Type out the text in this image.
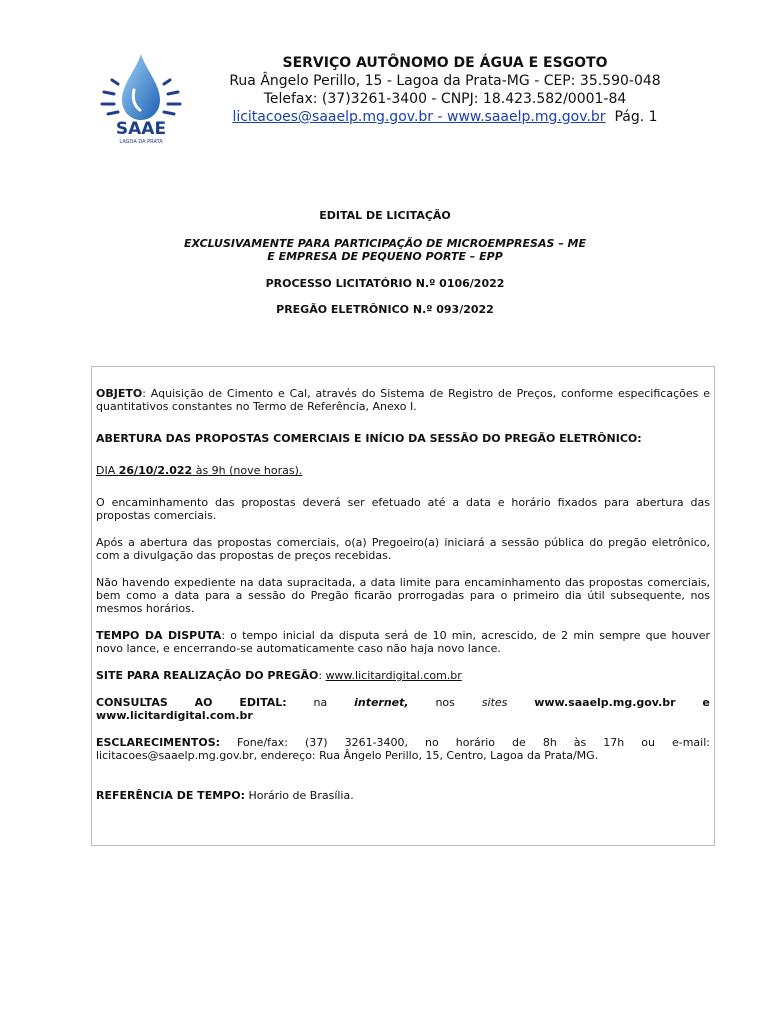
SAAE
LAGOA DA PRATA
SERVIÇO AUTÔNOMO DE ÁGUA E ESGOTO
Rua Ângelo Perillo, 15 - Lagoa da Prata-MG - CEP: 35.590-048
Telefax: (37)3261-3400 - CNPJ: 18.423.582/0001-84
licitacoes@saaelp.mg.gov.br - www.saaelp.mg.gov.br Pág. 1
EDITAL DE LICITAÇÃO
EXCLUSIVAMENTE PARA PARTICIPAÇÃO DE MICROEMPRESAS – ME
E EMPRESA DE PEQUENO PORTE – EPP
PROCESSO LICITATÓRIO N.º 0106/2022
PREGÃO ELETRÔNICO N.º 093/2022

OBJETO: Aquisição de Cimento e Cal, através do Sistema de Registro de Preços, conforme especificações e quantitativos constantes no Termo de Referência, Anexo I.

ABERTURA DAS PROPOSTAS COMERCIAIS E INÍCIO DA SESSÃO DO PREGÃO ELETRÔNICO:

DIA 26/10/2.022 às 9h (nove horas).

O encaminhamento das propostas deverá ser efetuado até a data e horário fixados para abertura das propostas comerciais.

Após a abertura das propostas comerciais, o(a) Pregoeiro(a) iniciará a sessão pública do pregão eletrônico, com a divulgação das propostas de preços recebidas.

Não havendo expediente na data supracitada, a data limite para encaminhamento das propostas comerciais, bem como a data para a sessão do Pregão ficarão prorrogadas para o primeiro dia útil subsequente, nos mesmos horários.

TEMPO DA DISPUTA: o tempo inicial da disputa será de 10 min, acrescido, de 2 min sempre que houver novo lance, e encerrando-se automaticamente caso não haja novo lance.

SITE PARA REALIZAÇÃO DO PREGÃO: www.licitardigital.com.br

CONSULTAS AO EDITAL: na internet, nos sites www.saaelp.mg.gov.br e

www.licitardigital.com.br

ESCLARECIMENTOS: Fone/fax: (37) 3261-3400, no horário de 8h às 17h ou e-mail: licitacoes@saaelp.mg.gov.br, endereço: Rua Ângelo Perillo, 15, Centro, Lagoa da Prata/MG.

REFERÊNCIA DE TEMPO: Horário de Brasília.
